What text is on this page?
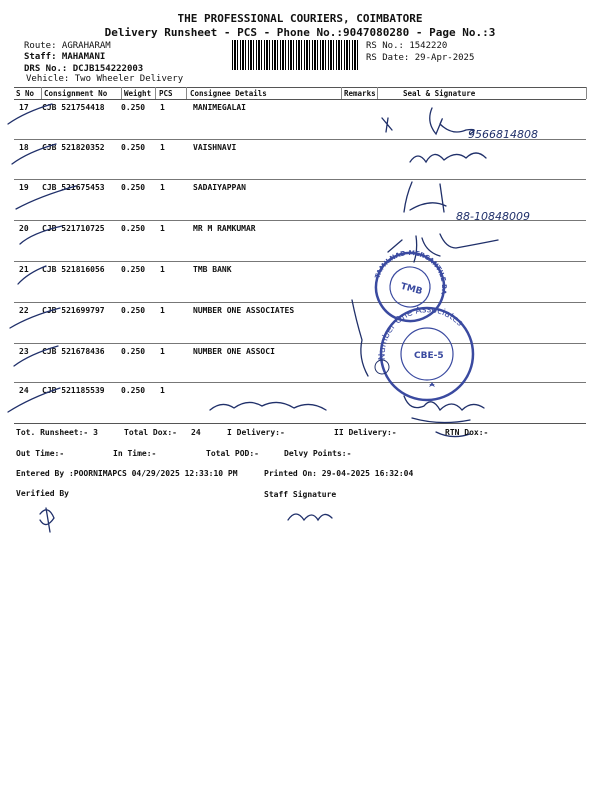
THE PROFESSIONAL COURIERS, COIMBATORE
Delivery Runsheet - PCS - Phone No.:9047080280 - Page No.:3
Route: AGRAHARAM
Staff: MAHAMANI
DRS No.: DCJB154222003
Vehicle: Two Wheeler Delivery
RS No.: 1542220
RS Date: 29-Apr-2025
S No Consignment No Weight PCS Consignee Details	Remarks	Seal & Signature
17 CJB 521754418 0.250 1	MANIMEGALAI
18 CJB 521820352 0.250 1	VAISHNAVI
19 CJB 521675453 0.250 1	SADAIYAPPAN
20 CJB 521710725 0.250 1	MR M RAMKUMAR
21 CJB 521816056 0.250 1	TMB BANK
22 CJB 521699797 0.250 1	NUMBER ONE ASSOCIATES
23 CJB 521678436 0.250 1	NUMBER ONE ASSOCI
24 CJB 521185539 0.250 1
9566814808
88-10848009
TAMILNAD MERCANTILE BANK
TMB
Number One Associates
CBE-5
Tot. Runsheet:- 3	Total Dox:- 24	I Delivery:-	II Delivery:-	RTN Dox:-
Out Time:-	In Time:-	Total POD:-	Delvy Points:-
Entered By :POORNIMAPCS 04/29/2025 12:33:10 PM	Printed On: 29-04-2025 16:32:04
Verified By	Staff Signature
